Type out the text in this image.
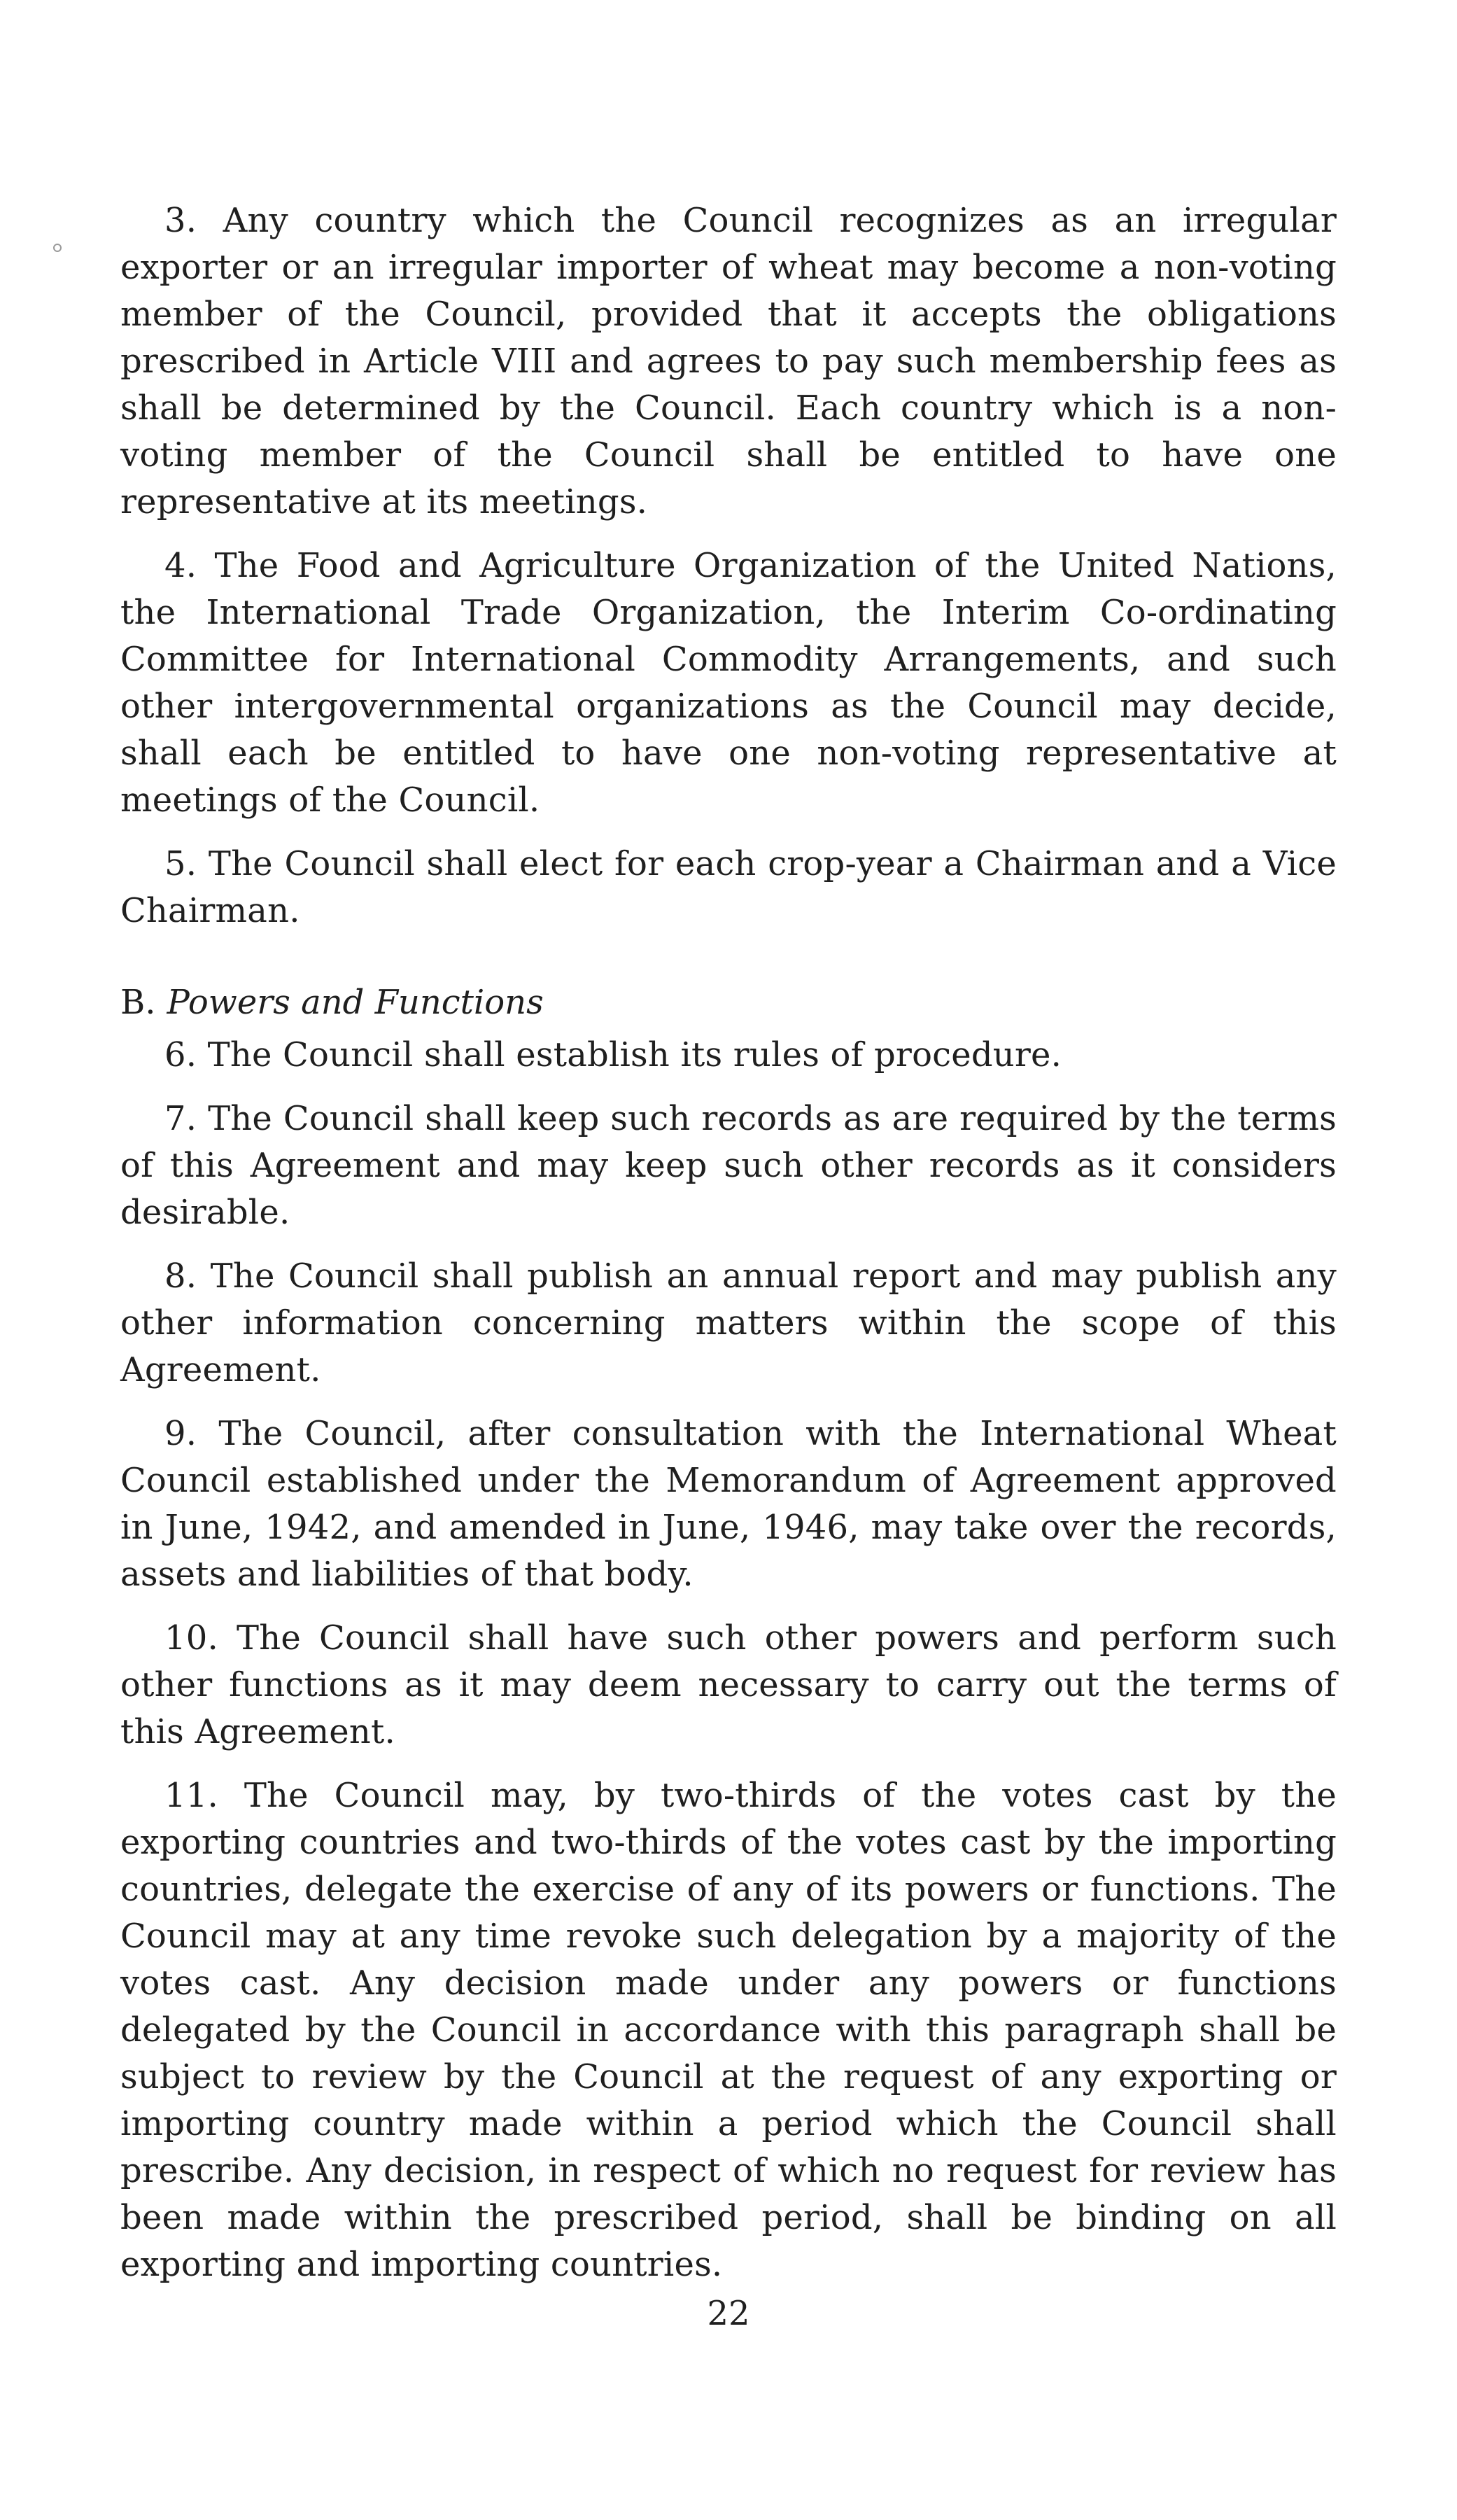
3. Any country which the Council recognizes as an irregular exporter or an irregular importer of wheat may become a non-voting member of the Council, provided that it accepts the obligations prescribed in Article VIII and agrees to pay such membership fees as shall be determined by the Council. Each country which is a non-voting member of the Council shall be entitled to have one representative at its meetings.

4. The Food and Agriculture Organization of the United Nations, the International Trade Organization, the Interim Co-ordinating Committee for International Commodity Arrangements, and such other intergovernmental organizations as the Council may decide, shall each be entitled to have one non-voting representative at meetings of the Council.

5. The Council shall elect for each crop-year a Chairman and a Vice Chairman.

B. Powers and Functions

6. The Council shall establish its rules of procedure.

7. The Council shall keep such records as are required by the terms of this Agreement and may keep such other records as it considers desirable.

8. The Council shall publish an annual report and may publish any other information concerning matters within the scope of this Agreement.

9. The Council, after consultation with the International Wheat Council established under the Memorandum of Agreement approved in June, 1942, and amended in June, 1946, may take over the records, assets and liabilities of that body.

10. The Council shall have such other powers and perform such other functions as it may deem necessary to carry out the terms of this Agreement.

11. The Council may, by two-thirds of the votes cast by the exporting countries and two-thirds of the votes cast by the importing countries, delegate the exercise of any of its powers or functions. The Council may at any time revoke such delegation by a majority of the votes cast. Any decision made under any powers or functions delegated by the Council in accordance with this paragraph shall be subject to review by the Council at the request of any exporting or importing country made within a period which the Council shall prescribe. Any decision, in respect of which no request for review has been made within the prescribed period, shall be binding on all exporting and importing countries.

22
